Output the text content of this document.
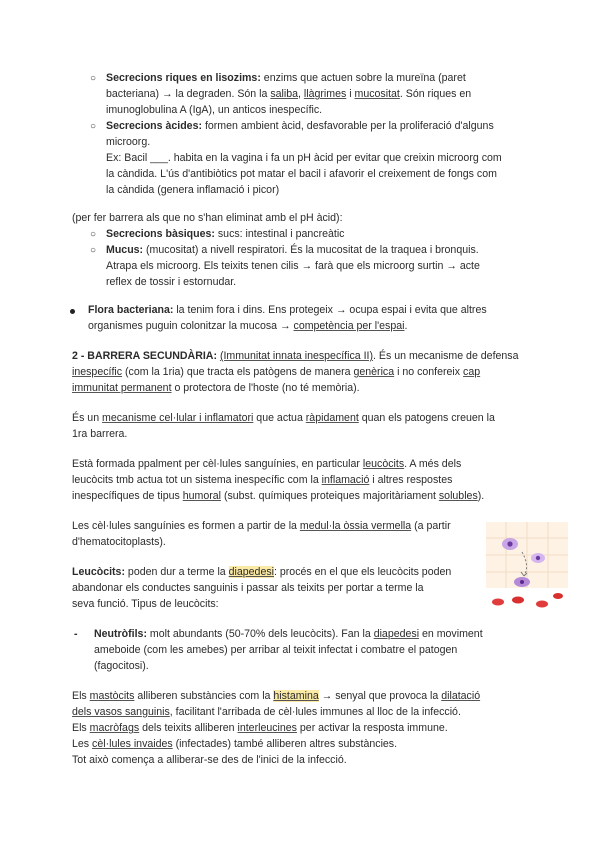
○ Secrecions riques en lisozims: enzims que actuen sobre la mureïna (paret
bacteriana) → la degraden. Són la saliba, llàgrimes i mucositat. Són riques en
imunoglobulina A (IgA), un anticos inespecífic.
○ Secrecions àcides: formen ambient àcid, desfavorable per la proliferació d'alguns
microorg.
Ex: Bacil ___. habita en la vagina i fa un pH àcid per evitar que creixin microorg com
la càndida. L'ús d'antibiòtics pot matar el bacil i afavorir el creixement de fongs com
la càndida (genera inflamació i picor)
(per fer barrera als que no s'han eliminat amb el pH àcid):
○ Secrecions bàsiques: sucs: intestinal i pancreàtic
○ Mucus: (mucositat) a nivell respiratori. És la mucositat de la traquea i bronquis.
Atrapa els microorg. Els teixits tenen cilis → farà que els microorg surtin → acte
reflex de tossir i estornudar.
Flora bacteriana: la tenim fora i dins. Ens protegeix → ocupa espai i evita que altres
organismes puguin colonitzar la mucosa → competència per l'espai.
2 - BARRERA SECUNDÀRIA: (Immunitat innata inespecífica II). És un mecanisme de defensa
inespecífic (com la 1ria) que tracta els patògens de manera genèrica i no confereix cap
immunitat permanent o protectora de l'hoste (no té memòria).
És un mecanisme cel·lular i inflamatori que actua ràpidament quan els patogens creuen la
1ra barrera.
Està formada ppalment per cèl·lules sanguínies, en particular leucòcits. A més dels
leucòcits tmb actua tot un sistema inespecífic com la inflamació i altres respostes
inespecífiques de tipus humoral (subst. químiques proteiques majoritàriament solubles).
Les cèl·lules sanguínies es formen a partir de la medul·la òssia vermella (a partir
d'hematocitoplasts).
Leucòcits: poden dur a terme la diapedesi: procés en el que els leucòcits poden
abandonar els conductes sanguinis i passar als teixits per portar a terme la
seva funció. Tipus de leucòcits:
- Neutròfils: molt abundants (50-70% dels leucòcits). Fan la diapedesi en moviment
ameboide (com les amebes) per arribar al teixit infectat i combatre el patogen
(fagocitosi).
Els mastòcits alliberen substàncies com la histamina → senyal que provoca la dilatació
dels vasos sanguinis, facilitant l'arribada de cèl·lules immunes al lloc de la infecció.
Els macròfags dels teixits alliberen interleucines per activar la resposta immune.
Les cèl·lules invaides (infectades) també alliberen altres substàncies.
Tot això comença a alliberar-se des de l'inici de la infecció.
